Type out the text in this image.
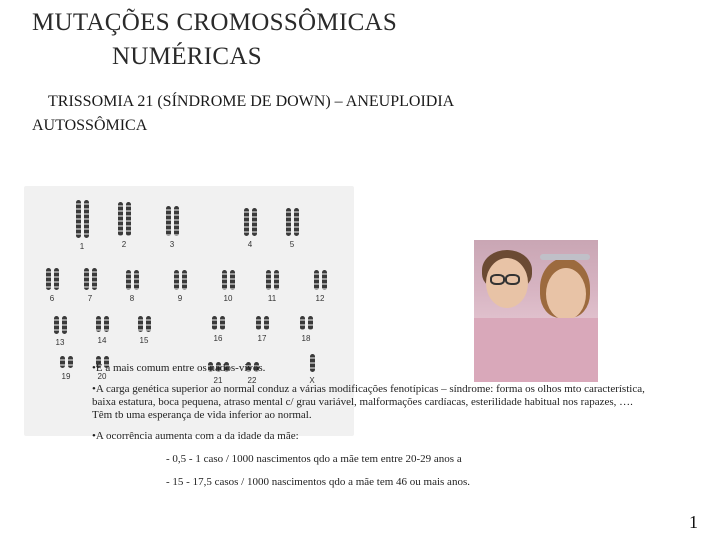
MUTAÇÕES CROMOSSÔMICAS
NUMÉRICAS
TRISSOMIA 21 (SÍNDROME DE DOWN) – ANEUPLOIDIA
AUTOSSÔMICA
1	2	3	4	5
6	7	8	9	10	11	12
13	14	15	16	17	18
19	20	21	22	X

•É a mais comum entre os nados-vivos.

•A carga genética superior ao normal conduz a várias modificações fenotípicas – síndrome: forma os olhos mto característica, baixa estatura, boca pequena, atraso mental c/ grau variável, malformações cardíacas, esterilidade habitual nos rapazes, …. Têm tb uma esperança de vida inferior ao normal.

•A ocorrência aumenta com a da idade da mãe:

- 0,5 - 1 caso / 1000 nascimentos qdo a mãe tem entre 20-29 anos a

- 15 - 17,5 casos / 1000 nascimentos qdo a mãe tem 46 ou mais anos.

1
